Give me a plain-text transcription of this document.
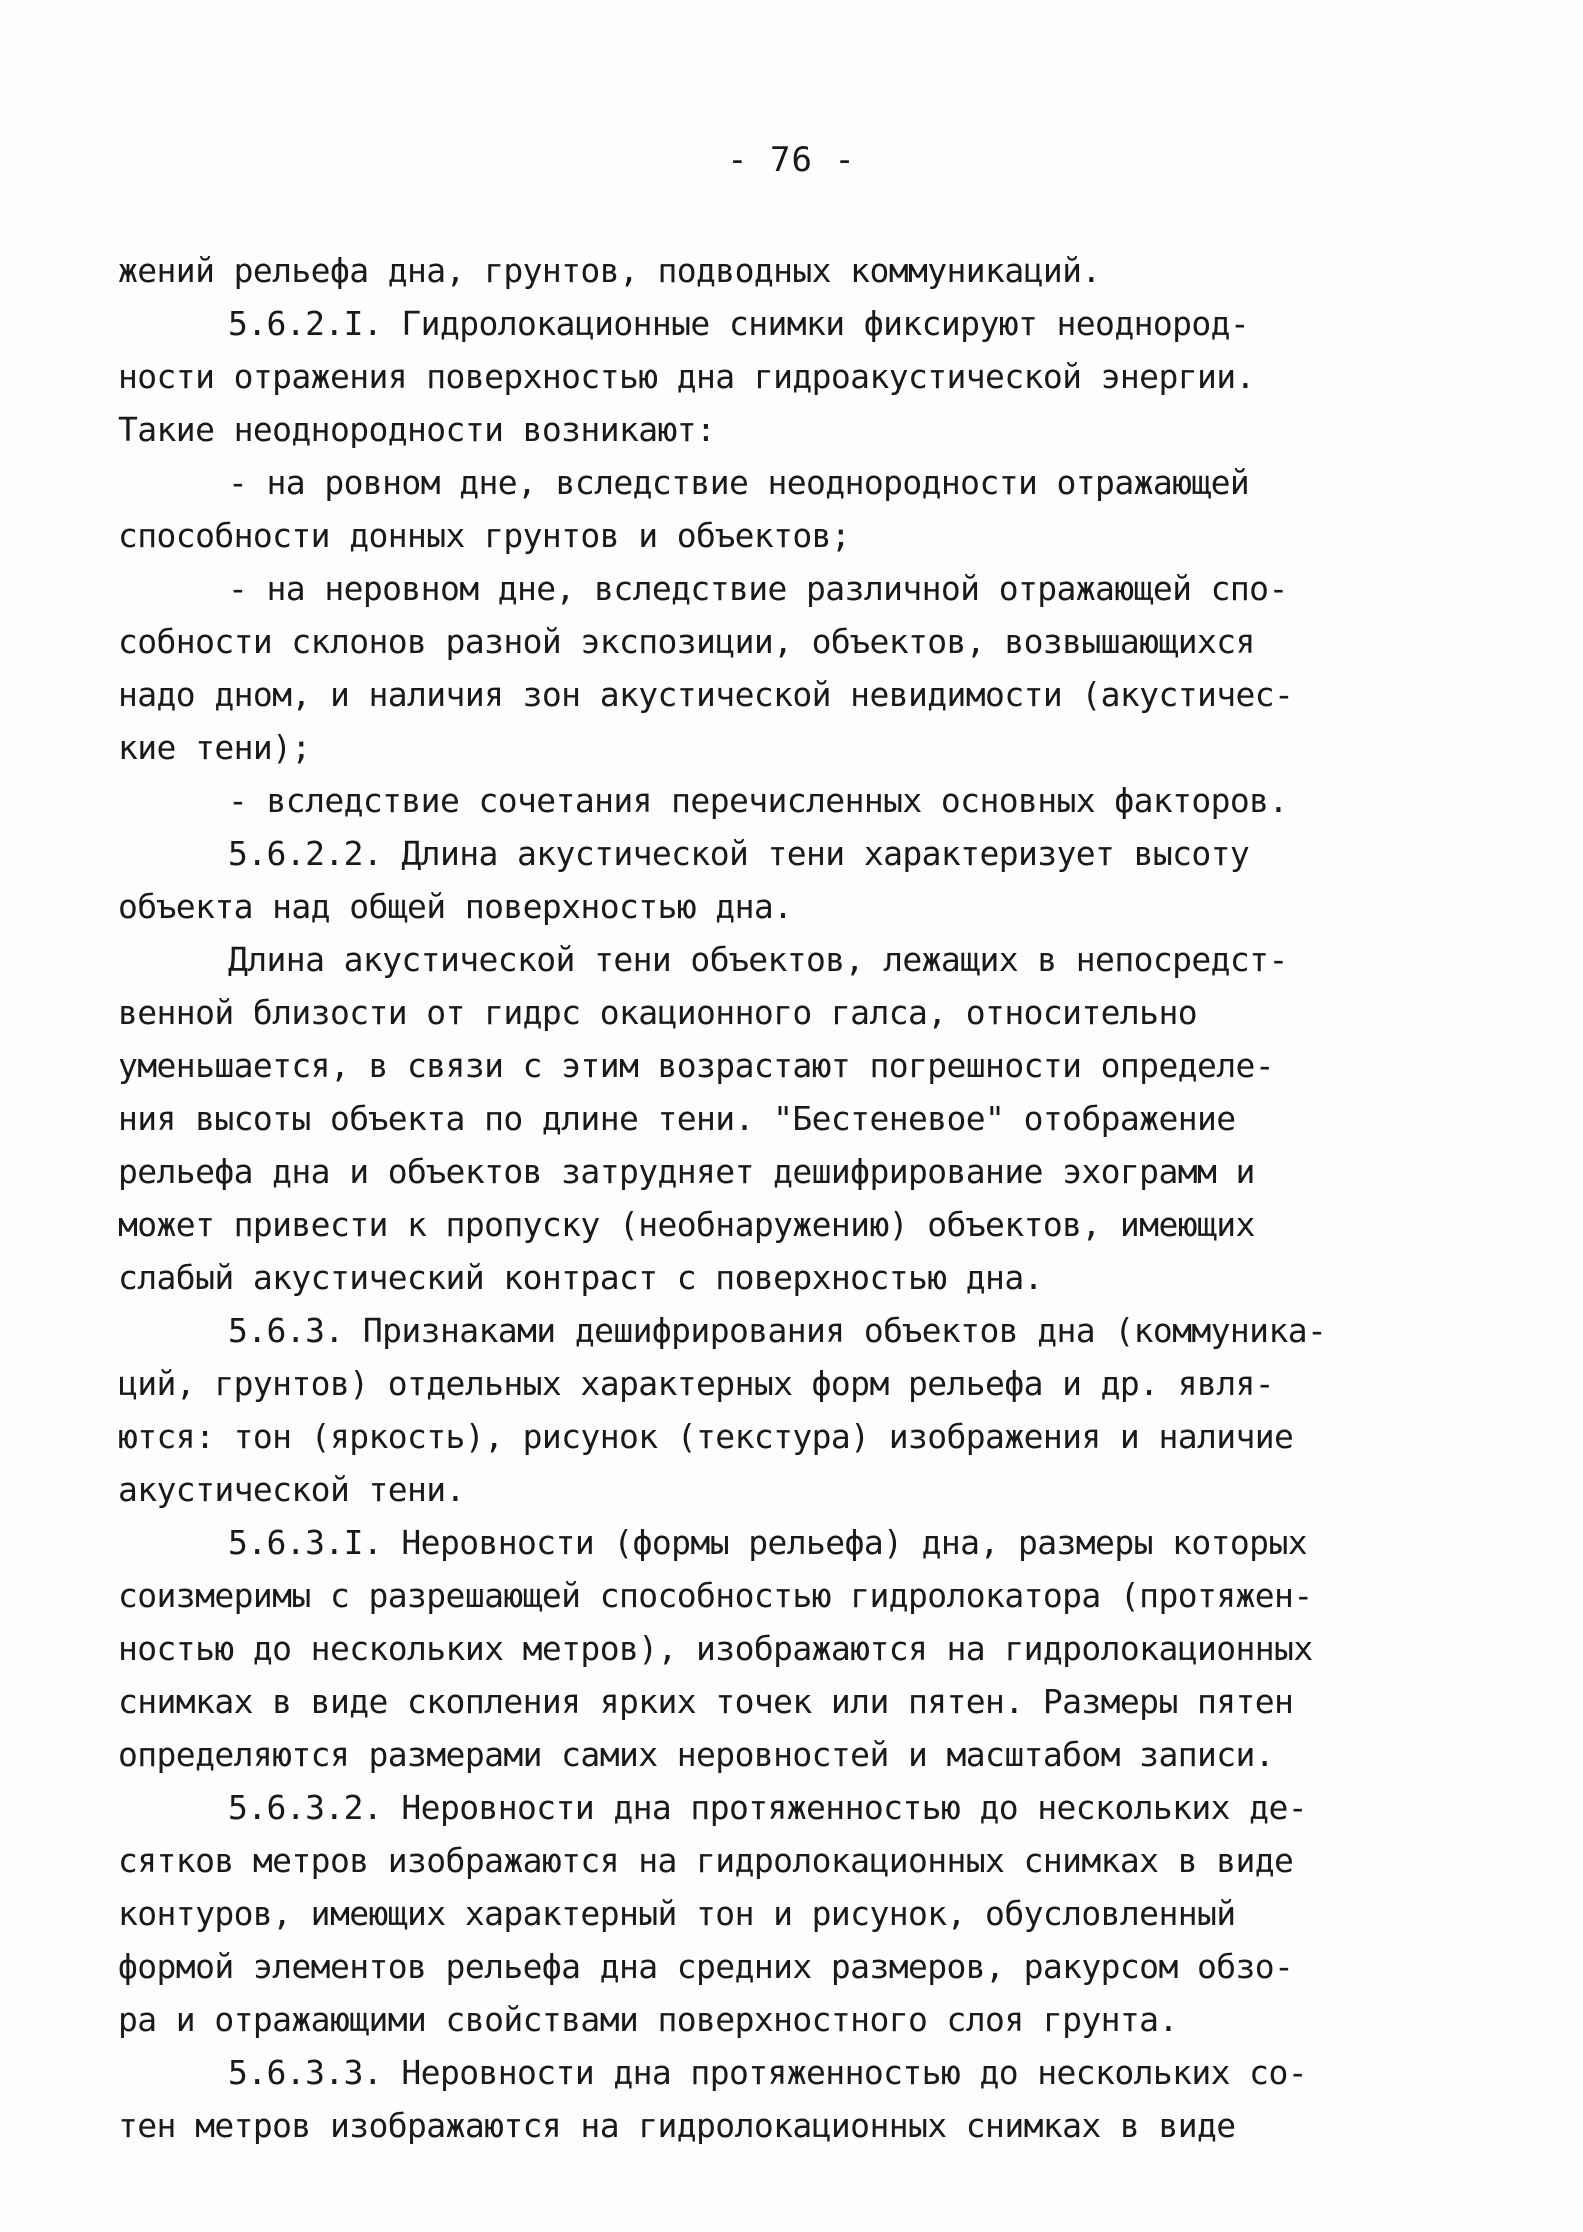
- 76 -
жений рельефа дна, грунтов, подводных коммуникаций.
5.6.2.I. Гидролокационные снимки фиксируют неоднород-
ности отражения поверхностью дна гидроакустической энергии.
Такие неоднородности возникают:
- на ровном дне, вследствие неоднородности отражающей
способности донных грунтов и объектов;
- на неровном дне, вследствие различной отражающей спо-
собности склонов разной экспозиции, объектов, возвышающихся
надо дном, и наличия зон акустической невидимости (акустичес-
кие тени);
- вследствие сочетания перечисленных основных факторов.
5.6.2.2. Длина акустической тени характеризует высоту
объекта над общей поверхностью дна.
Длина акустической тени объектов, лежащих в непосредст-
венной близости от гидрс окационного галса, относительно
уменьшается, в связи с этим возрастают погрешности определе-
ния высоты объекта по длине тени. "Бестеневое" отображение
рельефа дна и объектов затрудняет дешифрирование эхограмм и
может привести к пропуску (необнаружению) объектов, имеющих
слабый акустический контраст с поверхностью дна.
5.6.3. Признаками дешифрирования объектов дна (коммуника-
ций, грунтов) отдельных характерных форм рельефа и др. явля-
ются: тон (яркость), рисунок (текстура) изображения и наличие
акустической тени.
5.6.3.I. Неровности (формы рельефа) дна, размеры которых
соизмеримы с разрешающей способностью гидролокатора (протяжен-
ностью до нескольких метров), изображаются на гидролокационных
снимках в виде скопления ярких точек или пятен. Размеры пятен
определяются размерами самих неровностей и масштабом записи.
5.6.3.2. Неровности дна протяженностью до нескольких де-
сятков метров изображаются на гидролокационных снимках в виде
контуров, имеющих характерный тон и рисунок, обусловленный
формой элементов рельефа дна средних размеров, ракурсом обзо-
ра и отражающими свойствами поверхностного слоя грунта.
5.6.3.3. Неровности дна протяженностью до нескольких со-
тен метров изображаются на гидролокационных снимках в виде
